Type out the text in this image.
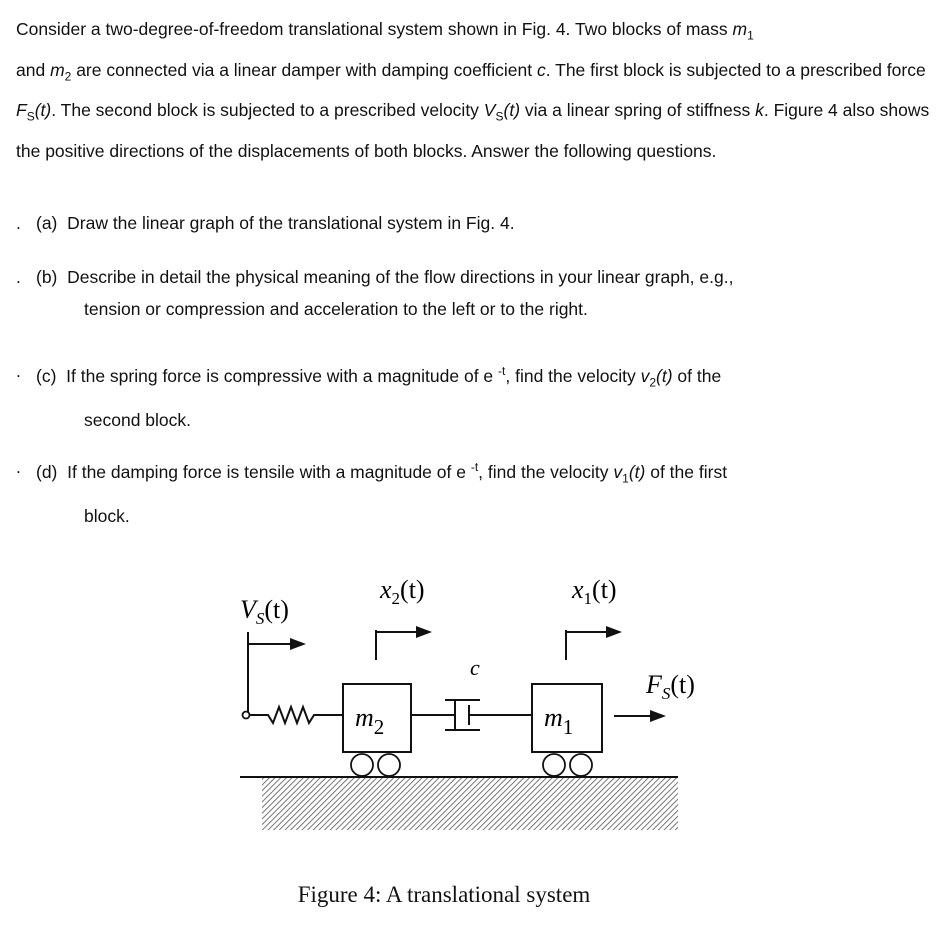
Consider a two-degree-of-freedom translational system shown in Fig. 4. Two blocks of mass $m_1$
and $m_2$ are connected via a linear damper with damping coefficient c. The first block is subjected to a prescribed force $F_S(t)$. The second block is subjected to a prescribed velocity $V_S(t)$ via a linear spring of stiffness k. Figure 4 also shows the positive directions of the displacements of both blocks. Answer the following questions.
. (a) Draw the linear graph of the translational system in Fig. 4.
. (b) Describe in detail the physical meaning of the flow directions in your linear graph, e.g.,
tension or compression and acceleration to the left or to the right.
. (c) If the spring force is compressive with a magnitude of e $^{-t}$, find the velocity $v_2(t)$ of the
second block.
. (d) If the damping force is tensile with a magnitude of e $^{-t}$, find the velocity $v_1(t)$ of the first
block.
$V_S(t)$
$x_2(t)$
$m_2$
c
$x_1(t)$
$m_1$
$F_S(t)$
Figure 4: A translational system
